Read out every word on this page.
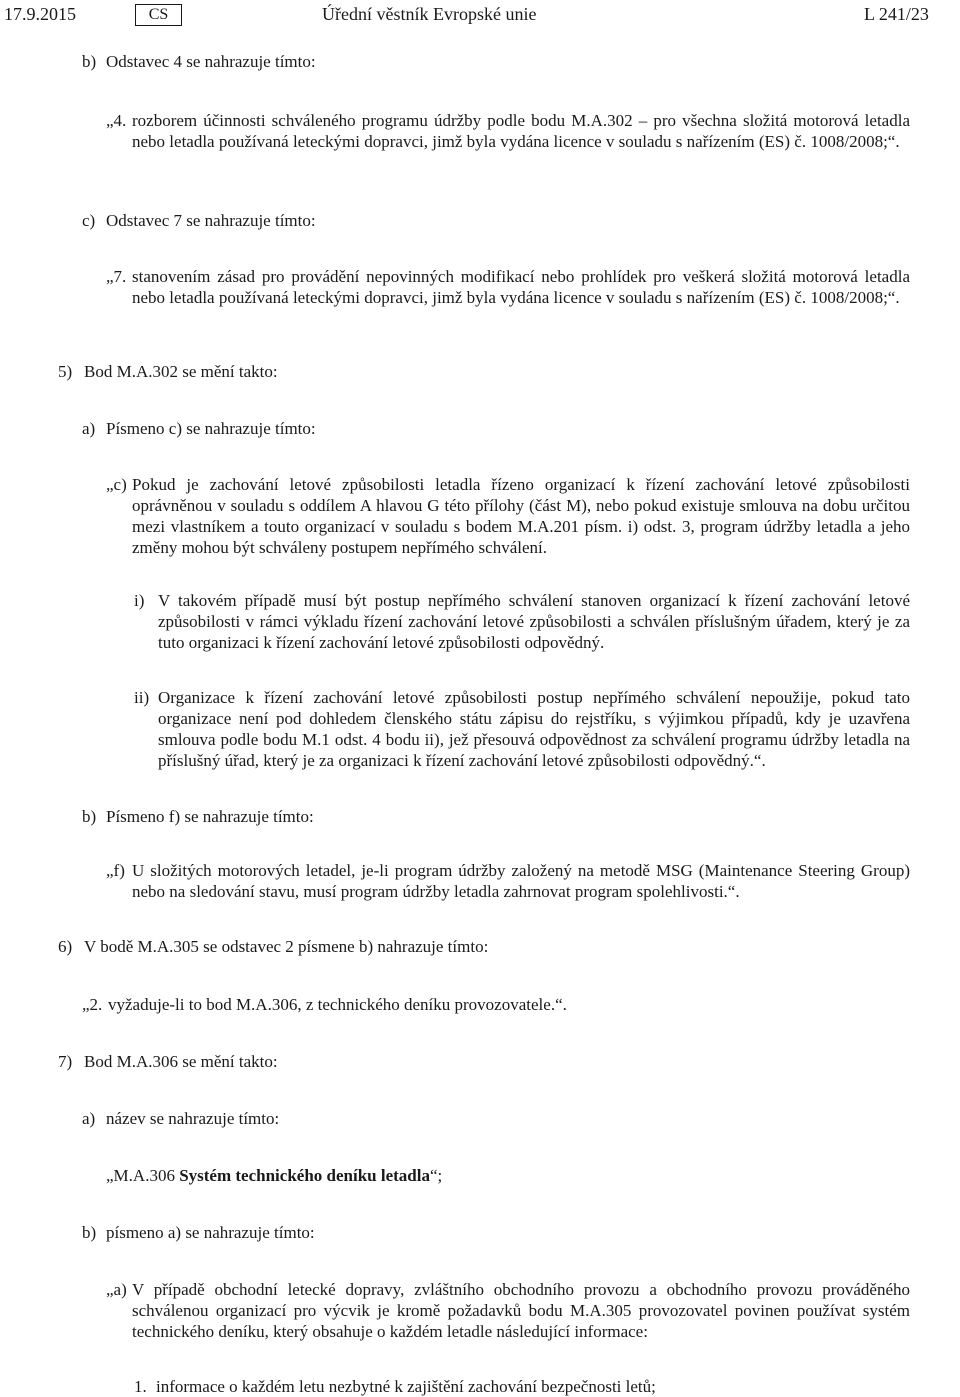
17.9.2015	CS	Úřední věstník Evropské unie	L 241/23
b) Odstavec 4 se nahrazuje tímto:
„4. rozborem účinnosti schváleného programu údržby podle bodu M.A.302 – pro všechna složitá motorová letadla nebo letadla používaná leteckými dopravci, jimž byla vydána licence v souladu s nařízením (ES) č. 1008/2008;“.

c) Odstavec 7 se nahrazuje tímto:
„7. stanovením zásad pro provádění nepovinných modifikací nebo prohlídek pro veškerá složitá motorová letadla nebo letadla používaná leteckými dopravci, jimž byla vydána licence v souladu s nařízením (ES) č. 1008/2008;“.

5) Bod M.A.302 se mění takto:
a) Písmeno c) se nahrazuje tímto:
„c) Pokud je zachování letové způsobilosti letadla řízeno organizací k řízení zachování letové způsobilosti oprávněnou v souladu s oddílem A hlavou G této přílohy (část M), nebo pokud existuje smlouva na dobu určitou mezi vlastníkem a touto organizací v souladu s bodem M.A.201 písm. i) odst. 3, program údržby letadla a jeho změny mohou být schváleny postupem nepřímého schválení.

i) V takovém případě musí být postup nepřímého schválení stanoven organizací k řízení zachování letové způsobilosti v rámci výkladu řízení zachování letové způsobilosti a schválen příslušným úřadem, který je za tuto organizaci k řízení zachování letové způsobilosti odpovědný.

ii) Organizace k řízení zachování letové způsobilosti postup nepřímého schválení nepoužije, pokud tato organizace není pod dohledem členského státu zápisu do rejstříku, s výjimkou případů, kdy je uzavřena smlouva podle bodu M.1 odst. 4 bodu ii), jež přesouvá odpovědnost za schválení programu údržby letadla na příslušný úřad, který je za organizaci k řízení zachování letové způsobilosti odpovědný.“.

b) Písmeno f) se nahrazuje tímto:
„f) U složitých motorových letadel, je-li program údržby založený na metodě MSG (Maintenance Steering Group) nebo na sledování stavu, musí program údržby letadla zahrnovat program spolehlivosti.“.

6) V bodě M.A.305 se odstavec 2 písmene b) nahrazuje tímto:
„2. vyžaduje-li to bod M.A.306, z technického deníku provozovatele.“.
7) Bod M.A.306 se mění takto:
a) název se nahrazuje tímto:
„M.A.306 Systém technického deníku letadla“;
b) písmeno a) se nahrazuje tímto:
„a) V případě obchodní letecké dopravy, zvláštního obchodního provozu a obchodního provozu prováděného schválenou organizací pro výcvik je kromě požadavků bodu M.A.305 provozovatel povinen používat systém technického deníku, který obsahuje o každém letadle následující informace:

1. informace o každém letu nezbytné k zajištění zachování bezpečnosti letů;
